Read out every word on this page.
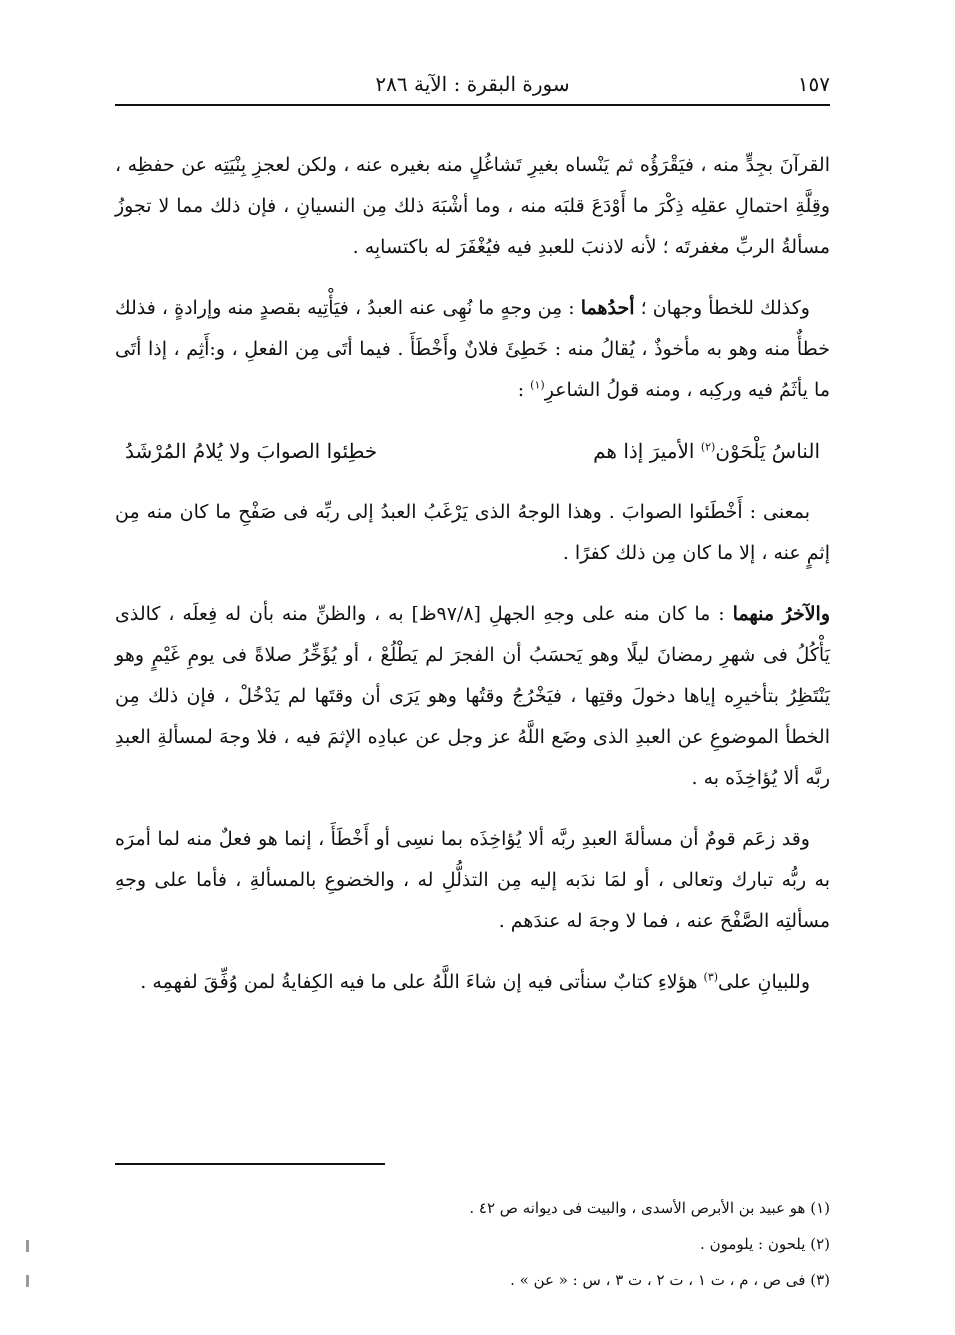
١٥٧
سورة البقرة : الآية ٢٨٦

القرآنَ بجِدٍّ منه ، فيَقْرَؤُه ثم يَنْساه بغيرِ تَشاغُلٍ منه بغيره عنه ، ولكن لعجزِ بِنْيَتِه عن حفظِه ، وقِلَّةِ احتمالِ عقلِه ذِكْرَ ما أَوْدَعَ قلبَه منه ، وما أشْبَهَ ذلك مِن النسيانِ ، فإن ذلك مما لا تجوزُ مسألةُ الربِّ مغفرتَه ؛ لأنه لاذنبَ للعبدِ فيه فيُغْفَرَ له باكتسابِه .

وكذلك للخطأ وجهان ؛ أحدُهما : مِن وجهٍ ما نُهِى عنه العبدُ ، فيَأْتِيه بقصدٍ منه وإرادةٍ ، فذلك خطأٌ منه وهو به مأخوذٌ ، يُقالُ منه : خَطِئَ فلانٌ وأَخْطَأَ . فيما أتَى مِن الفعلِ ، و:أَثِم ، إذا أتَى ما يأثَمُ فيه وركِبه ، ومنه قولُ الشاعرِ$^{(١)}$ :

الناسُ يَلْحَوْن$^{(٢)}$ الأميرَ إذا هم
خطِئوا الصوابَ ولا يُلامُ المُرْشَدُ

بمعنى : أَخْطَئوا الصوابَ . وهذا الوجهُ الذى يَرْغَبُ العبدُ إلى ربِّه فى صَفْحِ ما كان منه مِن إثمٍ عنه ، إلا ما كان مِن ذلك كفرًا .

والآخرُ منهما : ما كان منه على وجهِ الجهلِ [٩٧/٨ظ] به ، والظنِّ منه بأن له فِعلَه ، كالذى يَأْكُلُ فى شهرِ رمضانَ ليلًا وهو يَحسَبُ أن الفجرَ لم يَطْلُعْ ، أو يُؤَخِّرُ صلاةً فى يومِ غَيْمٍ وهو يَنْتَظِرُ بتأخيرِه إياها دخولَ وقتِها ، فيَخْرُجُ وقتُها وهو يَرَى أن وقتَها لم يَدْخُلْ ، فإن ذلك مِن الخطأ الموضوعِ عن العبدِ الذى وضَع اللَّهُ عز وجل عن عبادِه الإثمَ فيه ، فلا وجهَ لمسألةِ العبدِ ربَّه ألا يُؤاخِذَه به .

وقد زعَم قومٌ أن مسألةَ العبدِ ربَّه ألا يُؤاخِذَه بما نسِى أو أَخْطَأَ ، إنما هو فعلٌ منه لما أمرَه به ربُّه تبارك وتعالى ، أو لمَا ندَبه إليه مِن التذلُّلِ له ، والخضوعِ بالمسألةِ ، فأما على وجهِ مسألتِه الصَّفْحَ عنه ، فما لا وجهَ له عندَهم .

وللبيانِ على$^{(٣)}$ هؤلاءِ كتابٌ سنأتى فيه إن شاءَ اللَّهُ على ما فيه الكِفايةُ لمن وُفِّقَ لفهمِه .

(١) هو عبيد بن الأبرص الأسدى ، والبيت فى ديوانه ص ٤٢ .
(٢) يلحون : يلومون .
(٣) فى ص ، م ، ت ١ ، ت ٢ ، ت ٣ ، س : « عن » .
